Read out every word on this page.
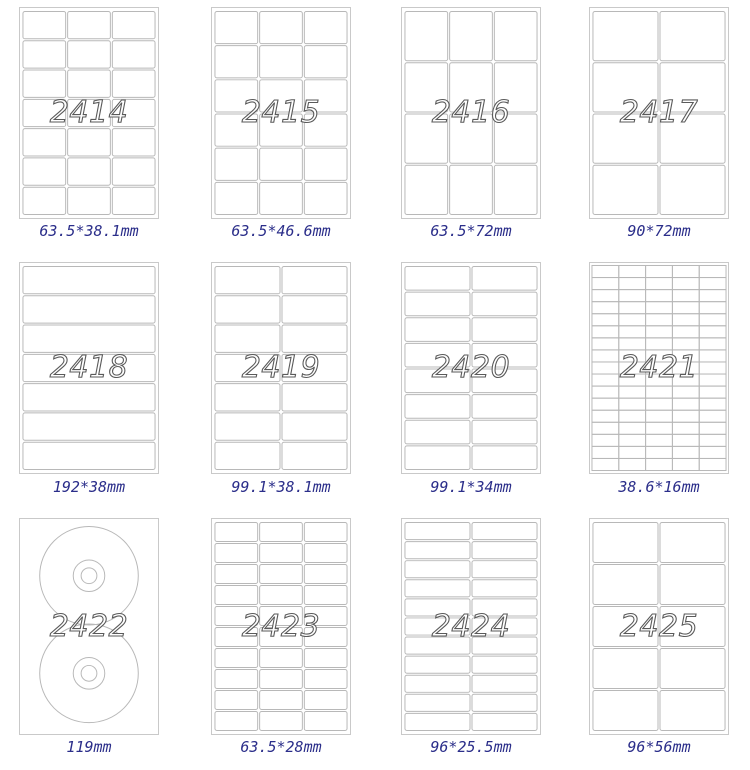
2414
63.5*38.1mm
2415
63.5*46.6mm
2416
63.5*72mm
2417
90*72mm
2418
192*38mm
2419
99.1*38.1mm
2420
99.1*34mm
2421
38.6*16mm
2422
119mm
2423
63.5*28mm
2424
96*25.5mm
2425
96*56mm
